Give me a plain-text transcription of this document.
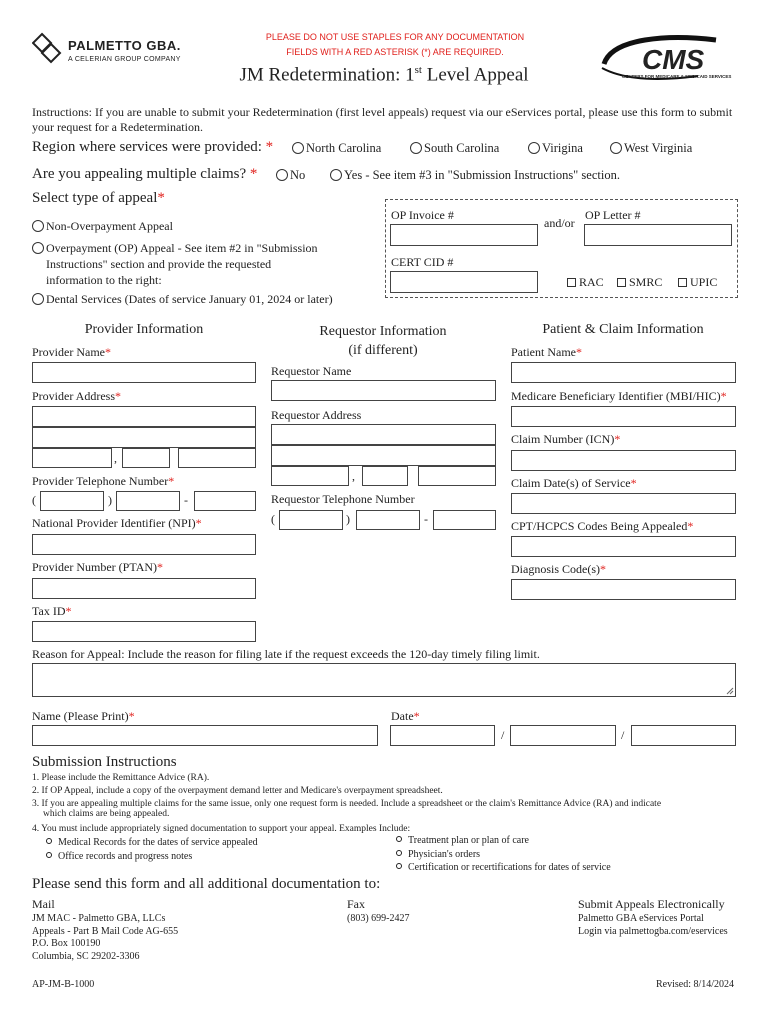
PALMETTO GBA.
A CELERIAN GROUP COMPANY
PLEASE DO NOT USE STAPLES FOR ANY DOCUMENTATION
FIELDS WITH A RED ASTERISK (*) ARE REQUIRED.
JM Redetermination: 1st Level Appeal	CMS
CENTERS FOR MEDICARE & MEDICAID SERVICES
Instructions: If you are unable to submit your Redetermination (first level appeals) request via our eServices portal, please use this form to submit your request for a Redetermination.
Region where services were provided: *	North Carolina	South Carolina	Virigina	West Virginia
Are you appealing multiple claims? *	No	Yes - See item #3 in "Submission Instructions" section.
Select type of appeal*
Non-Overpayment Appeal
Overpayment (OP) Appeal - See item #2 in "Submission
Instructions" section and provide the requested
information to the right:
Dental Services (Dates of service January 01, 2024 or later)
OP Invoice #
and/or
OP Letter #
CERT CID #
RAC	SMRC	UPIC
Provider Information	Requestor Information
(if different)
Patient & Claim Information
Provider Name*
Provider Address*
,
Provider Telephone Number*
(	)	-
National Provider Identifier (NPI)*
Provider Number (PTAN)*
Tax ID*
Requestor Name
Requestor Address
,
Requestor Telephone Number
(	)	-
Patient Name*
Medicare Beneficiary Identifier (MBI/HIC)*
Claim Number (ICN)*
Claim Date(s) of Service*
CPT/HCPCS Codes Being Appealed*
Diagnosis Code(s)*
Reason for Appeal: Include the reason for filing late if the request exceeds the 120-day timely filing limit.
Name (Please Print)*	Date*
/	/
Submission Instructions
1. Please include the Remittance Advice (RA).
2. If OP Appeal, include a copy of the overpayment demand letter and Medicare's overpayment spreadsheet.
3. If you are appealing multiple claims for the same issue, only one request form is needed. Include a spreadsheet or the claim's Remittance Advice (RA) and indicate
which claims are being appealed.
4. You must include appropriately signed documentation to support your appeal. Examples Include:
Medical Records for the dates of service appealed
Office records and progress notes
Treatment plan or plan of care
Physician's orders
Certification or recertifications for dates of service
Please send this form and all additional documentation to:
Mail
JM MAC - Palmetto GBA, LLCs
Appeals - Part B Mail Code AG-655
P.O. Box 100190
Columbia, SC 29202-3306
Fax
(803) 699-2427
Submit Appeals Electronically
Palmetto GBA eServices Portal
Login via palmettogba.com/eservices
AP-JM-B-1000	Revised: 8/14/2024
